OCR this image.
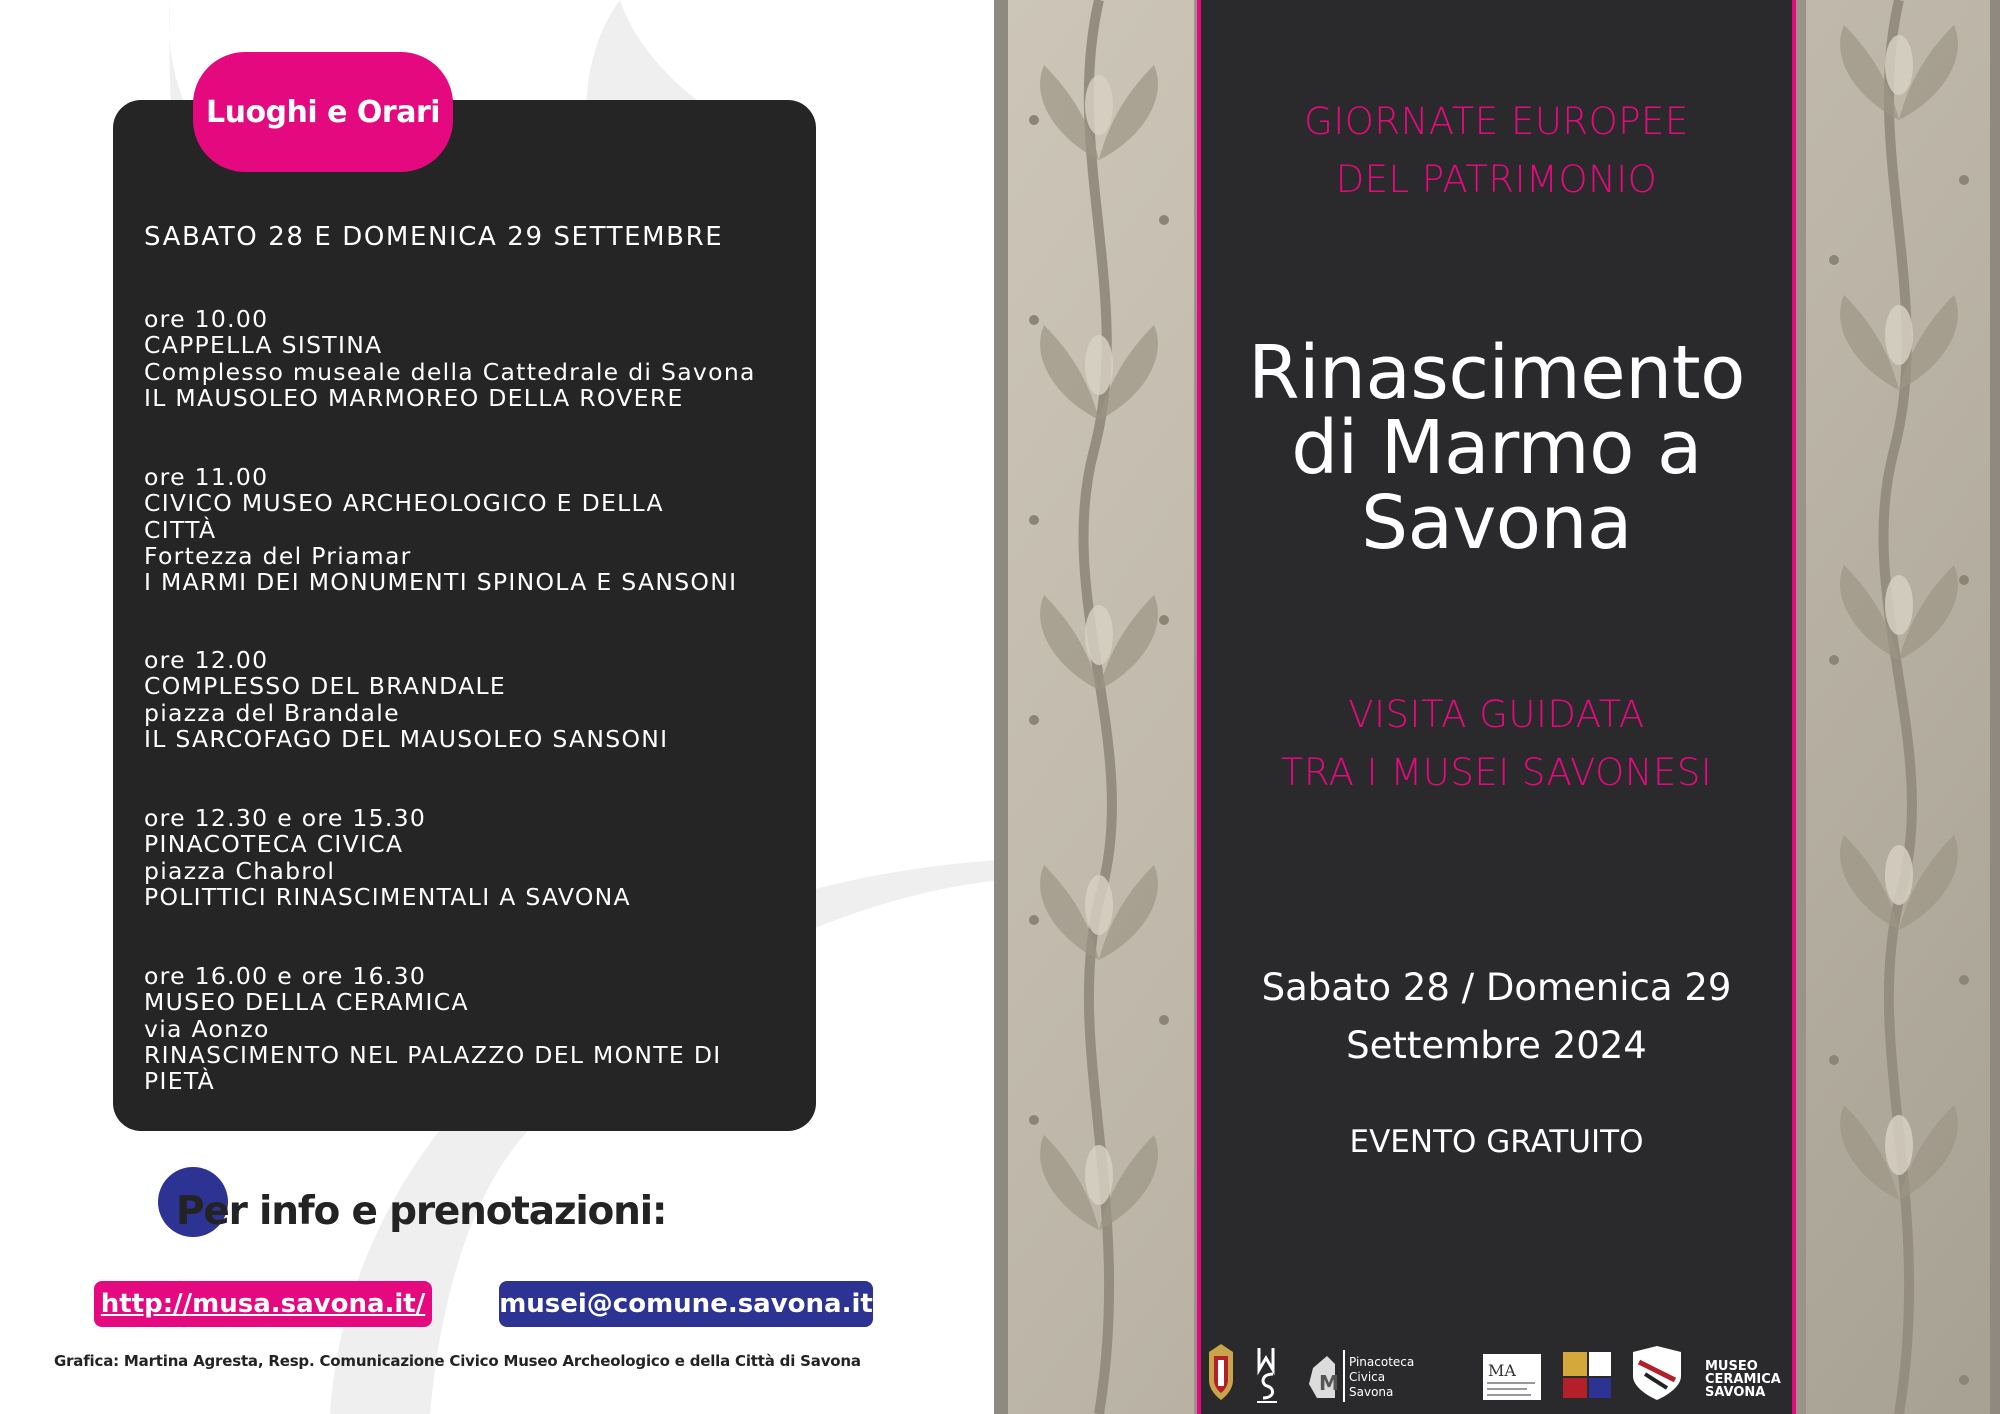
Luoghi e Orari
SABATO 28 E DOMENICA 29 SETTEMBRE
ore 10.00
CAPPELLA SISTINA
Complesso museale della Cattedrale di Savona
IL MAUSOLEO MARMOREO DELLA ROVERE
ore 11.00
CIVICO MUSEO ARCHEOLOGICO E DELLA CITTÀ
Fortezza del Priamar
I MARMI DEI MONUMENTI SPINOLA E SANSONI
ore 12.00
COMPLESSO DEL BRANDALE
piazza del Brandale
IL SARCOFAGO DEL MAUSOLEO SANSONI
ore 12.30 e ore 15.30
PINACOTECA CIVICA
piazza Chabrol
POLITTICI RINASCIMENTALI A SAVONA
ore 16.00 e ore 16.30
MUSEO DELLA CERAMICA
via Aonzo
RINASCIMENTO NEL PALAZZO DEL MONTE DI PIETÀ
Per info e prenotazioni:
http://musa.savona.it/	musei@comune.savona.it
Grafica: Martina Agresta, Resp. Comunicazione Civico Museo Archeologico e della Città di Savona
GIORNATE EUROPEE
DEL PATRIMONIO
Rinascimento
di Marmo a
Savona
VISITA GUIDATA
TRA I MUSEI SAVONESI
Sabato 28 / Domenica 29
Settembre 2024
EVENTO GRATUITO
M
Pinacoteca
Civica
Savona
MA	MUSEO
CERAMICA
SAVONA
